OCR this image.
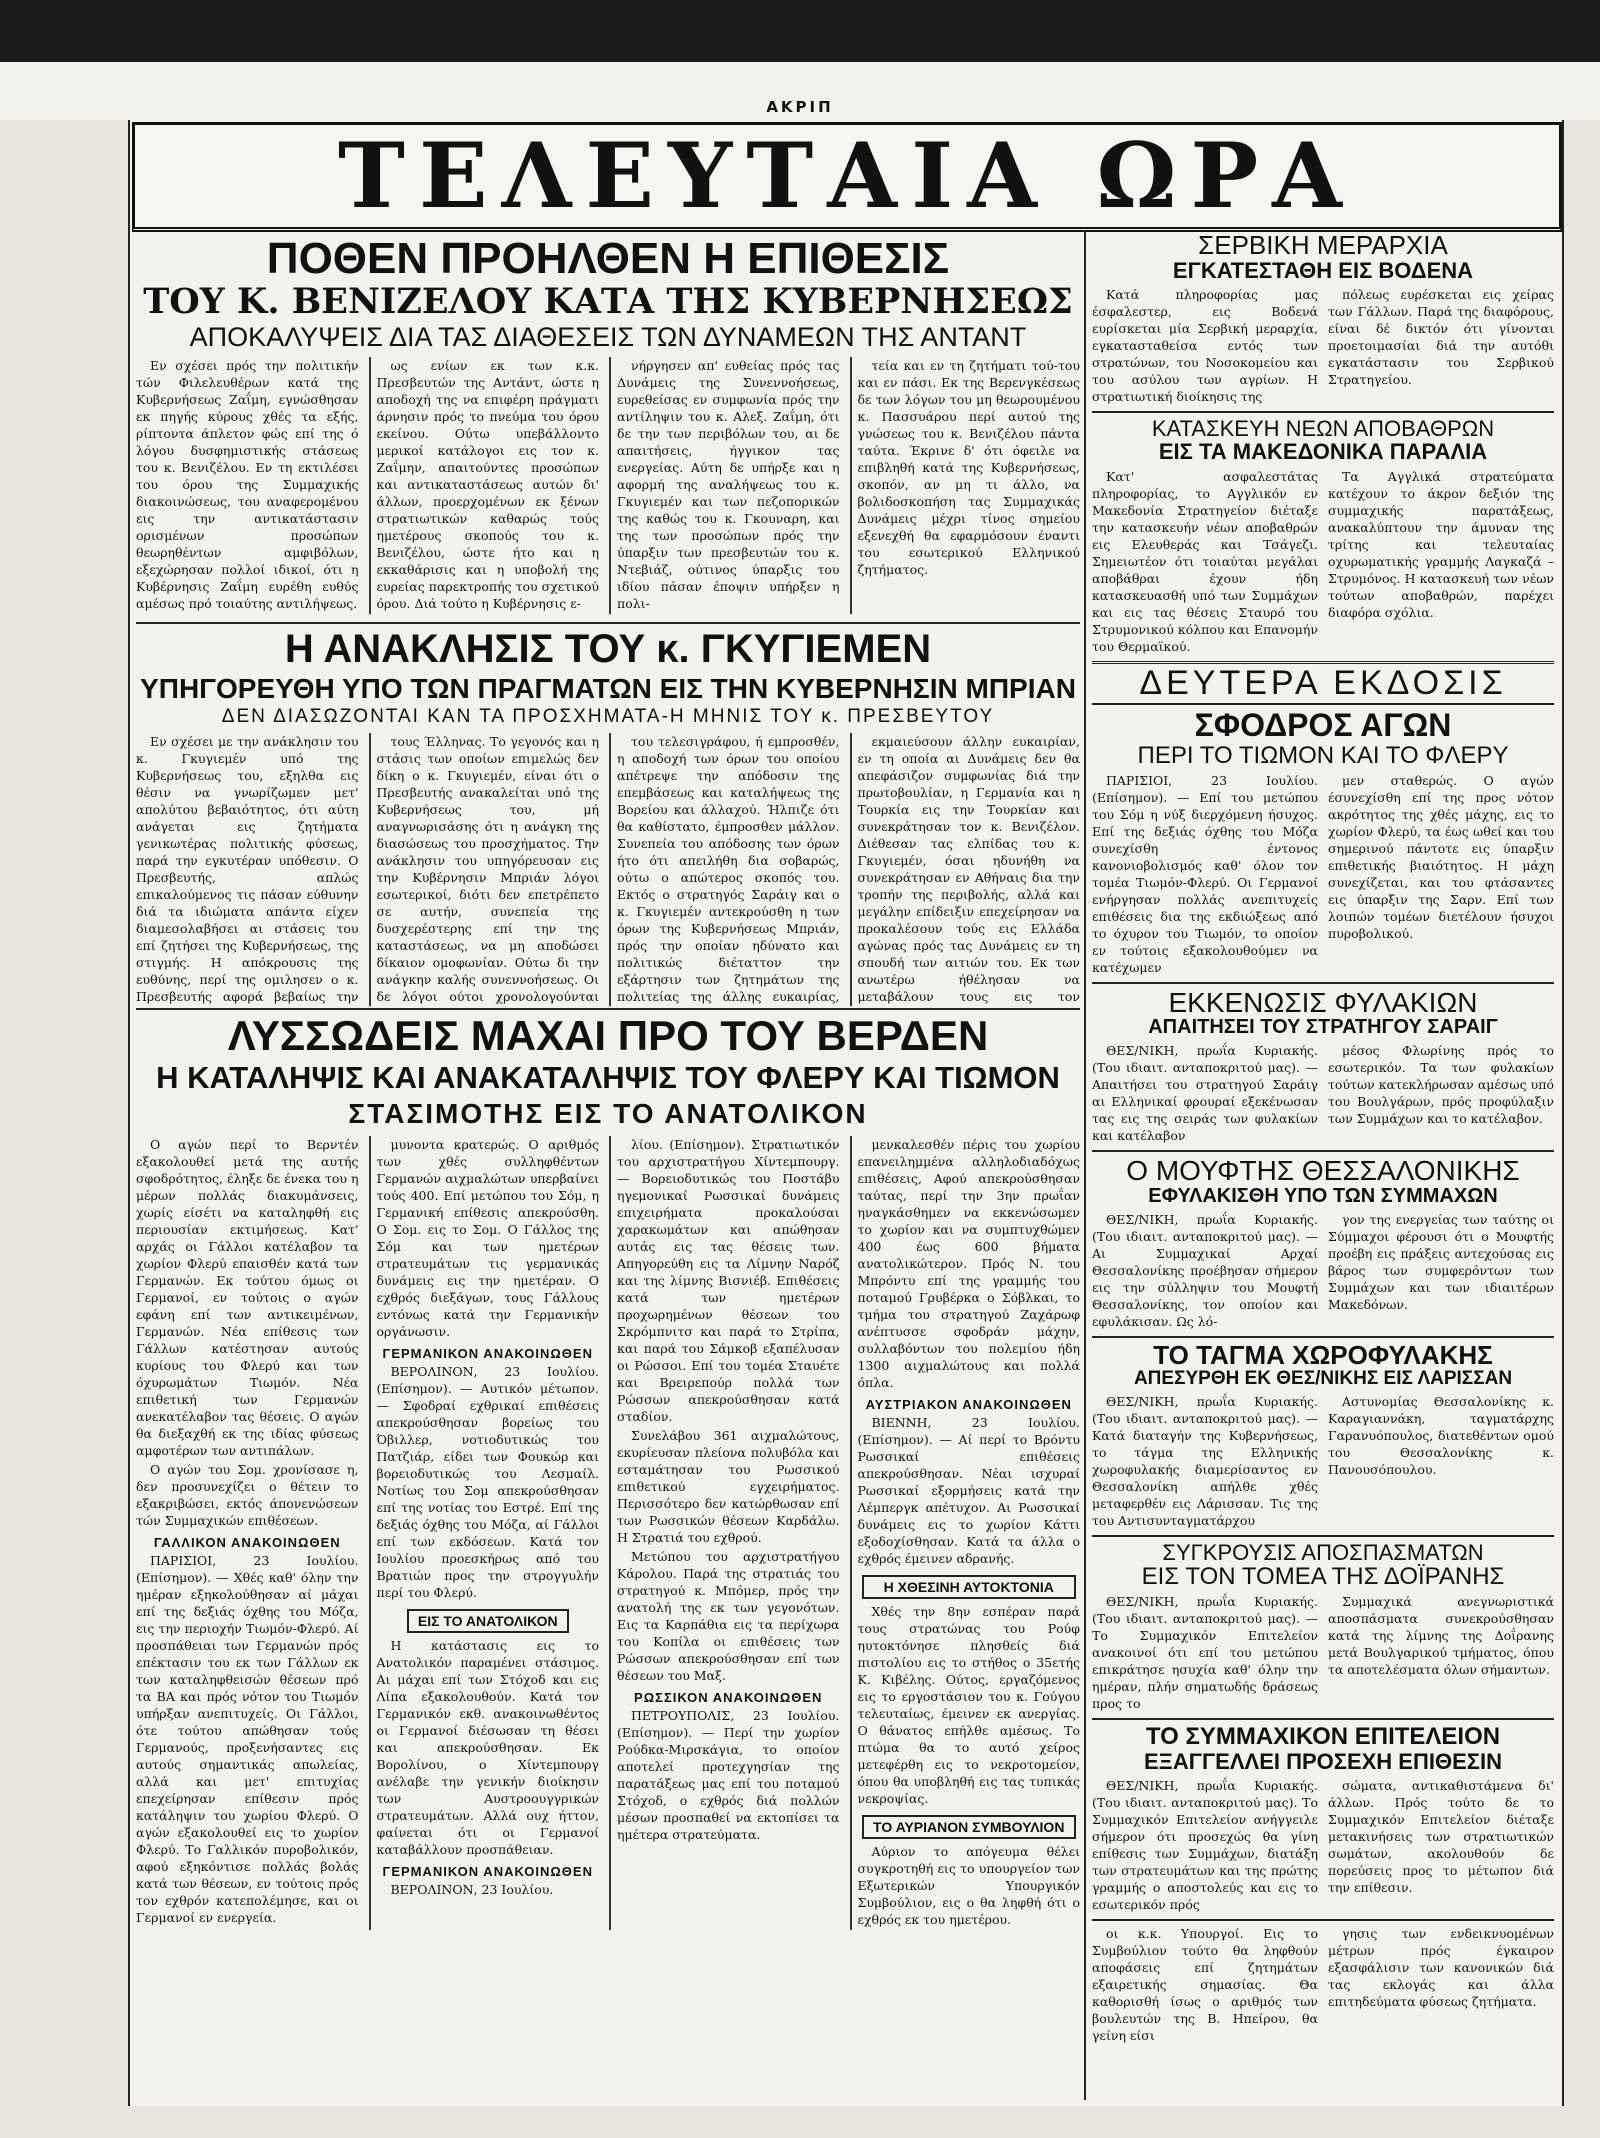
ΑΚΡΙΠ
ΤΕΛΕΥΤΑΙΑ ΩΡΑ
ΠΟΘΕΝ ΠΡΟΗΛΘΕΝ Η ΕΠΙΘΕΣΙΣ
ΤΟΥ Κ. ΒΕΝΙΖΕΛΟΥ ΚΑΤΑ ΤΗΣ ΚΥΒΕΡΝΗΣΕΩΣ
ΑΠΟΚΑΛΥΨΕΙΣ ΔΙΑ ΤΑΣ ΔΙΑΘΕΣΕΙΣ ΤΩΝ ΔΥΝΑΜΕΩΝ ΤΗΣ ΑΝΤΑΝΤ

Εν σχέσει πρός την πολιτικήν τών Φιλελευθέρων κατά της Κυβερνήσεως Ζαΐμη, εγνώσθησαν εκ πηγής κύρους χθές τα εξής, ρίπτοντα άπλετον φώς επί της ό λόγου δυσφημιστικής στάσεως του κ. Βενιζέλου. Εν τη εκτιλέσει του όρου της Συμμαχικής διακοινώσεως, του αναφερομένου εις την αντικατάστασιν ορισμένων προσώπων θεωρηθέντων αμφιβόλων, εξεχώρησαν πολλοί ιδικοί, ότι η Κυβέρνησις Ζαΐμη ευρέθη ευθύς αμέσως πρό τοιαύτης αντιλήψεως.

ως ενίων εκ των κ.κ. Πρεσβευτών της Αντάντ, ώστε η αποδοχή της να επιφέρη πράγματι άρνησιν πρός το πνεύμα του όρου εκείνου. Ούτω υπεβάλλοντο μερικοί κατάλογοι εις τον κ. Ζαΐμην, απαιτούντες προσώπων και αντικαταστάσεως αυτών δι' άλλων, προερχομένων εκ ξένων στρατιωτικών καθαρώς τούς ημετέρους σκοπούς του κ. Βενιζέλου, ώστε ήτο και η εκκαθάρισις και η υποβολή της ευρείας παρεκτροπής του σχετικού όρου. Διά τούτο η Κυβέρνησις ε-

νήργησεν απ' ευθείας πρός τας Δυνάμεις της Συνεννοήσεως, ευρεθείσας εν συμφωνία πρός την αντίληψιν του κ. Αλεξ. Ζαΐμη, ότι δε την των περιβόλων του, αι δε απαιτήσεις, ήγγικον τας ενεργείας. Αύτη δε υπήρξε και η αφορμή της αναλήψεως του κ. Γκυγιεμέν και των πεζοπορικών της καθώς του κ. Γκουναρη, και της των προσώπων πρός την ύπαρξιν των πρεσβευτών του κ. Ντεβιάζ, ούτινος ύπαρξις του ιδίου πάσαν έποψιν υπήρξεν η πολι-

τεία και εν τη ζητήματι τού-του και εν πάσι. Εκ της Βερενγκέσεως δε των λόγων του μη θεωρουμένου κ. Πασσυάρου περί αυτού της γνώσεως του κ. Βενιζέλου πάντα ταύτα. Έκρινε δ' ότι όφειλε να επιβληθή κατά της Κυβερνήσεως, σκοπόν, αν μη τι άλλο, να βολιδοσκοπήση τας Συμμαχικάς Δυνάμεις μέχρι τίνος σημείου εξενεχθή θα εφαρμόσουν έναντι του εσωτερικού Ελληνικού ζητήματος.

Η ΑΝΑΚΛΗΣΙΣ ΤΟΥ κ. ΓΚΥΓΙΕΜΕΝ
ΥΠΗΓΟΡΕΥΘΗ ΥΠΟ ΤΩΝ ΠΡΑΓΜΑΤΩΝ ΕΙΣ ΤΗΝ ΚΥΒΕΡΝΗΣΙΝ ΜΠΡΙΑΝ
ΔΕΝ ΔΙΑΣΩΖΟΝΤΑΙ ΚΑΝ ΤΑ ΠΡΟΣΧΗΜΑΤΑ-Η ΜΗΝΙΣ ΤΟΥ κ. ΠΡΕΣΒΕΥΤΟΥ

Εν σχέσει με την ανάκλησιν του κ. Γκυγιεμέν υπό της Κυβερνήσεως του, εξηλθα εις θέσιν να γνωρίζωμεν μετ' απολύτου βεβαιότητος, ότι αύτη ανάγεται εις ζητήματα γενικωτέρας πολιτικής φύσεως, παρά την εγκυτέραν υπόθεσιν. Ο Πρεσβευτής, απλώς επικαλούμενος τις πάσαν εύθυνην διά τα ιδιώματα απάντα είχεν διαμεσολαβήσει αι στάσεις του επί ζητήσει της Κυβερνήσεως, της στιγμής. Η απόκρουσις της ευθύνης, περί της ομιλησεν ο κ. Πρεσβευτής αφορά βεβαίως την

τους Έλληνας. Το γεγονός και η στάσις των οποίων επιμελώς δεν δίκη ο κ. Γκυγιεμέν, είναι ότι ο Πρεσβευτής ανακαλείται υπό της Κυβερνήσεως του, μή αναγνωρισάσης ότι η ανάγκη της διασώσεως του προσχήματος. Την ανάκλησιν του υπηγόρευσαν εις την Κυβέρνησιν Μπριάν λόγοι εσωτερικοί, διότι δεν επετρέπετο σε αυτήν, συνεπεία της δυσχερέστερης επί την της καταστάσεως, να μη αποδώσει δίκαιον ομοφωνίαν. Ούτω δι την ανάγκην καλής συνεννοήσεως. Οι δε λόγοι ούτοι χρονολογούνται

του τελεσιγράφου, ή εμπροσθέν, η αποδοχή των όρων του οποίου απέτρεψε την απόδοσιν της επεμβάσεως και καταλήψεως της Βορείου και άλλαχού. Ήλπιζε ότι θα καθίστατο, έμπροσθεν μάλλον. Συνεπεία του απόδοσης των όρων ήτο ότι απειλήθη δια σοβαρώς, ούτω ο απώτερος σκοπός του. Εκτός ο στρατηγός Σαράιγ και ο κ. Γκυγιεμέν αντεκρούσθη η των όρων της Κυβερνήσεως Μπριάν, πρός την οποίαν ηδύνατο και πολιτικώς διέταττον την εξάρτησιν των ζητημάτων της πολιτείας της άλλης ευκαιρίας,

εκμαιεύσουν άλλην ευκαιρίαν, εν τη οποία αι Δυνάμεις δεν θα απεφάσιζον συμφωνίας διά την πρωτοβουλίαν, η Γερμανία και η Τουρκία εις την Τουρκίαν και συνεκράτησαν τον κ. Βενιζέλον. Διέθεσαν τας ελπίδας του κ. Γκυγιεμέν, όσαι ηδυνήθη να συνεκράτησαν εν Αθήναις δια την τροπήν της περιβολής, αλλά και μεγάλην επίδειξιν επεχείρησαν να προκαλέσουν τούς εις Ελλάδα αγώνας πρός τας Δυνάμεις εν τη σπουδή των αιτιών του. Εκ των ανωτέρω ήθέλησαν να μεταβάλουν τους εις τον

ΛΥΣΣΩΔΕΙΣ ΜΑΧΑΙ ΠΡΟ ΤΟΥ ΒΕΡΔΕΝ
Η ΚΑΤΑΛΗΨΙΣ ΚΑΙ ΑΝΑΚΑΤΑΛΗΨΙΣ ΤΟΥ ΦΛΕΡΥ ΚΑΙ ΤΙΩΜΟΝ
ΣΤΑΣΙΜΟΤΗΣ ΕΙΣ ΤΟ ΑΝΑΤΟΛΙΚΟΝ

Ο αγών περί το Βερντέν εξακολουθεί μετά της αυτής σφοδρότητος, έληξε δε ένεκα του η μέρων πολλάς διακυμάνσεις, χωρίς είσέτι να καταληφθή εις περιουσίαν εκτιμήσεως. Κατ' αρχάς οι Γάλλοι κατέλαβον τα χωρίον Φλερύ επαισθέν κατά των Γερμανών. Εκ τούτου όμως οι Γερμανοί, εν τούτοις ο αγών εφάνη επί των αντικειμένων, Γερμανών. Νέα επίθεσις των Γάλλων κατέστησαν αυτούς κυρίους του Φλερύ και των όχυρωμάτων Τιωμόν. Νέα επιθετική των Γερμανών ανεκατέλαβον τας θέσεις. Ο αγών θα διεξαχθή εκ της ιδίας φύσεως αμφοτέρων των αντιπάλων.

Ο αγών του Σομ. χρονίσασε η, δεν προσυνεχίζει ο θέτειν το εξακριβώσει, εκτός άπονενώσεων τών Συμμαχικών επιθέσεων.

ΓΑΛΛΙΚΟΝ ΑΝΑΚΟΙΝΩΘΕΝ

ΠΑΡΙΣΙΟΙ, 23 Ιουλίου. (Επίσημον). — Χθές καθ' όλην την ημέραν εξηκολούθησαν αί μάχαι επί της δεξιάς όχθης του Μόζα, εις την περιοχήν Τιωμόν-Φλερύ. Αί προσπάθειαι των Γερμανών πρός επέκτασιν του εκ των Γάλλων εκ των καταληφθεισών θέσεων πρό τα ΒΑ και πρός νότον του Τιωμόν υπήρξαν ανεπιτυχείς. Οι Γάλλοι, ότε τούτου απώθησαν τούς Γερμανούς, προξενήσαντες εις αυτούς σημαντικάς απωλείας, αλλά και μετ' επιτυχίας επεχείρησαν επίθεσιν πρός κατάληψιν του χωρίου Φλερύ. Ο αγών εξακολουθεί εις το χωρίον Φλερύ. Το Γαλλικόν πυροβολικόν, αφού εξηκόντισε πολλάς βολάς κατά των θέσεων, εν τούτοις πρός τον εχθρόν κατεπολέμησε, και οι Γερμανοί εν ενεργεία.

μυνοντα κρατερώς. Ο αριθμός των χθές συλληφθέντων Γερμανών αιχμαλώτων υπερβαίνει τούς 400. Επί μετώπου του Σόμ, η Γερμανική επίθεσις απεκρούσθη. Ο Σομ. εις το Σομ. Ο Γάλλος της Σόμ και των ημετέρων στρατευμάτων τις γερμανικάς δυνάμεις εις την ημετέραν. Ο εχθρός διεξάγων, τους Γάλλους εντόνως κατά την Γερμανικήν οργάνωσιν.

ΓΕΡΜΑΝΙΚΟΝ ΑΝΑΚΟΙΝΩΘΕΝ

ΒΕΡΟΛΙΝΟΝ, 23 Ιουλίου. (Επίσημον). — Αυτικόν μέτωπον. — Σφοδραί εχθρικαί επιθέσεις απεκρούσθησαν βορείως του Όβιλλερ, νοτιοδυτικώς του Πατζιάρ, είδει των Φουκώρ και βορειοδυτικώς του Λεσμαίλ. Νοτίως του Σομ απεκρούσθησαν επί της νοτίας του Εστρέ. Επί της δεξιάς όχθης του Μόζα, αί Γάλλοι επί των εκδόσεων. Κατά τον Ιουλίου προεσκήρως από του Βρατιών προς την στρογγυλήν περί του Φλερύ.

ΕΙΣ ΤΟ ΑΝΑΤΟΛΙΚΟΝ

Η κατάστασις εις το Ανατολικόν παραμένει στάσιμος. Αι μάχαι επί των Στόχοδ και εις Λίπα εξακολουθούν. Κατά τον Γερμανικόν εκθ. ανακοινωθέντος οι Γερμανοί διέσωσαν τη θέσει και απεκρούσθησαν. Εκ Βορολίνου, ο Χίντεμπουργ ανέλαβε την γενικήν διοίκησιν των Αυστροουγγρικών στρατευμάτων. Αλλά ουχ ήττον, φαίνεται ότι οι Γερμανοί καταβάλλουν προσπάθειαν.

ΓΕΡΜΑΝΙΚΟΝ ΑΝΑΚΟΙΝΩΘΕΝ

ΒΕΡΟΛΙΝΟΝ, 23 Ιουλίου.

λίου. (Επίσημον). Στρατιωτικόν του αρχιστρατήγου Χίντεμπουργ. — Βορειοδυτικώς του Ποστάβυ ηγεμονικαί Ρωσσικαί δυνάμεις επιχειρήματα προκαλούσαι χαρακωμάτων και απώθησαν αυτάς εις τας θέσεις των. Απηγορεύθη εις τα Λίμνην Ναρόζ και της λίμνης Βισνιέβ. Επιθέσεις κατά των ημετέρων προχωρημένων θέσεων του Σκρόμπνιτσ και παρά το Στρίπα, και παρά του Σάμκοβ εξαπέλυσαν οι Ρώσσοι. Επί του τομέα Σταυέτε και Βρειρεπούρ πολλά των Ρώσσων απεκρούσθησαν κατά σταδίον.

Συνελάβου 361 αιχμαλώτους, εκυρίευσαν πλείονα πολυβόλα και εσταμάτησαν του Ρωσσικού επιθετικού εγχειρήματος. Περισσότερο δεν κατώρθωσαν επί των Ρωσσικών θέσεων Καρδάλω. Η Στρατιά του εχθρού.

Μετώπου του αρχιστρατήγου Κάρολου. Παρά της στρατιάς του στρατηγού κ. Μπόμερ, πρός την ανατολή της εκ των γεγονότων. Εις τα Καρπάθια εις τα περίχωρα του Κοπίλα οι επιθέσεις των Ρώσσων απεκρούσθησαν επί των θέσεων του Μαξ.

ΡΩΣΣΙΚΟΝ ΑΝΑΚΟΙΝΩΘΕΝ

ΠΕΤΡΟΥΠΟΛΙΣ, 23 Ιουλίου. (Επίσημον). — Περί την χωρίον Ρούδκα-Μιρσκάγια, το οποίον αποτελεί προτεχγησίαν της παρατάξεως μας επί του ποταμού Στόχοδ, ο εχθρός διά πολλών μέσων προσπαθεί να εκτοπίσει τα ημέτερα στρατεύματα.

μενκαλεσθέν πέρις του χωρίου επανειλημμένα αλληλοδιαδόχως επιθέσεις, Αφού απεκρούσθησαν ταύτας, περί την 3ην πρωΐαν ηναγκάσθημεν να εκκενώσωμεν το χωρίον και να συμπτυχθώμεν 400 έως 600 βήματα ανατολικώτερον. Πρός Ν. του Μπρόντυ επί της γραμμής του ποταμού Γρυβέρκα ο Σόβλκαι, το τμήμα του στρατηγού Ζαχάρωφ ανέπτυσσε σφοδράν μάχην, συλλαβόντων του πολεμίου ήδη 1300 αιχμαλώτους και πολλά όπλα.

ΑΥΣΤΡΙΑΚΟΝ ΑΝΑΚΟΙΝΩΘΕΝ

ΒΙΕΝΝΗ, 23 Ιουλίου. (Επίσημον). — Αί περί το Βρόντυ Ρωσσικαί επιθέσεις απεκρούσθησαν. Νέαι ισχυραί Ρωσσικαί εξορμήσεις κατά την Λέμπεργκ απέτυχον. Αι Ρωσσικαί δυνάμεις εις το χωρίον Κάττι εξοδοχίσθησαν. Κατά τα άλλα ο εχθρός έμεινεν αδρανής.

Η ΧΘΕΣΙΝΗ ΑΥΤΟΚΤΟΝΙΑ

Χθές την 8ην εσπέραν παρά τους στρατώνας του Ρούφ ηυτοκτόνησε πλησθείς διά πιστολίου εις το στήθος ο 35ετής Κ. Κιβέλης. Ούτος, εργαζόμενος εις το εργοστάσιον του κ. Γούγου τελευταίως, έμεινεν εκ ανεργίας. Ο θάνατος επήλθε αμέσως. Το πτώμα θα το αυτό χείρος μετεφέρθη εις το νεκροτομείον, όπου θα υποβληθή εις τας τυπικάς νεκροψίας.

ΤΟ ΑΥΡΙΑΝΟΝ ΣΥΜΒΟΥΛΙΟΝ

Αύριον το απόγευμα θέλει συγκροτηθή εις το υπουργείον των Εξωτερικών Υπουργικόν Συμβούλιον, εις ο θα ληφθή ότι ο εχθρός εκ του ημετέρου.

ΣΕΡΒΙΚΗ ΜΕΡΑΡΧΙΑ
ΕΓΚΑΤΕΣΤΑΘΗ ΕΙΣ ΒΟΔΕΝΑ

Κατά πληροφορίας μας έσφαλεστερ, εις Βοδενά ευρίσκεται μία Σερβική μεραρχία, εγκατασταθείσα εντός των στρατώνων, του Νοσοκομείου και του ασύλου των αγρίων. Η στρατιωτική διοίκησις της

πόλεως ευρέσκεται εις χείρας των Γάλλων. Παρά της διαφόρους, είναι δέ δικτόν ότι γίνονται προετοιμασίαι διά την αυτόθι εγκατάστασιν του Σερβικού Στρατηγείου.

ΚΑΤΑΣΚΕΥΗ ΝΕΩΝ ΑΠΟΒΑΘΡΩΝ
ΕΙΣ ΤΑ ΜΑΚΕΔΟΝΙΚΑ ΠΑΡΑΛΙΑ

Κατ' ασφαλεστάτας πληροφορίας, το Αγγλικόν εν Μακεδονία Στρατηγείον διέταξε την κατασκευήν νέων αποβαθρών εις Ελευθεράς και Τσάγεζι. Σημειωτέον ότι τοιαύται μεγάλαι αποβάθραι έχουν ήδη κατασκευασθή υπό των Συμμάχων και εις τας θέσεις Σταυρό του Στρυμονικού κόλπου και Επανομήν του Θερμαϊκού.

Τα Αγγλικά στρατεύματα κατέχουν το άκρον δεξιόν της συμμαχικής παρατάξεως, ανακαλύπτουν την άμυναν της τρίτης και τελευταίας οχυρωματικής γραμμής Λαγκαζά – Στρυμόνος. Η κατασκευή των νέων τούτων αποβαθρών, παρέχει διαφόρα σχόλια.

ΔΕΥΤΕΡΑ ΕΚΔΟΣΙΣ
ΣΦΟΔΡΟΣ ΑΓΩΝ
ΠΕΡΙ ΤΟ ΤΙΩΜΟΝ ΚΑΙ ΤΟ ΦΛΕΡΥ

ΠΑΡΙΣΙΟΙ, 23 Ιουλίου. (Επίσημον). — Επί του μετώπου του Σόμ η νύξ διερχόμενη ήσυχος. Επί της δεξιάς όχθης του Μόζα συνεχίσθη έντονος κανονιοβολισμός καθ' όλον τον τομέα Τιωμόν-Φλερύ. Οι Γερμανοί ενήργησαν πολλάς ανεπιτυχείς επιθέσεις δια της εκδιώξεως από το όχυρον του Τιωμόν, το οποίον εν τούτοις εξακολουθούμεν να κατέχωμεν

μεν σταθερώς. Ο αγών έσυνεχίσθη επί της προς νότον ακρότητος της χθές μάχης, εις το χωρίον Φλερύ, τα έως ωθεί και του σημερινού πάντοτε εις ύπαρξιν επιθετικής βιαιότητος. Η μάχη συνεχίζεται, και του φτάσαντες εις ύπαρξιν της Σαρν. Επί των λοιπών τομέων διετέλουν ήσυχοι πυροβολικού.

ΕΚΚΕΝΩΣΙΣ ΦΥΛΑΚΙΩΝ
ΑΠΑΙΤΗΣΕΙ ΤΟΥ ΣΤΡΑΤΗΓΟΥ ΣΑΡΑΙΓ

ΘΕΣ/ΝΙΚΗ, πρωΐα Κυριακής. (Του ιδιαιτ. ανταποκριτού μας). — Απαιτήσει του στρατηγού Σαράιγ αι Ελληνικαί φρουραί εξεκένωσαν τας εις της σειράς των φυλακίων και κατέλαβον

μέσος Φλωρίνης πρός το εσωτερικόν. Τα των φυλακίων τούτων κατεκλήρωσαν αμέσως υπό του Βουλγάρων, πρός προφύλαξιν των Συμμάχων και το κατέλαβον.

Ο ΜΟΥΦΤΗΣ ΘΕΣΣΑΛΟΝΙΚΗΣ
ΕΦΥΛΑΚΙΣΘΗ ΥΠΟ ΤΩΝ ΣΥΜΜΑΧΩΝ

ΘΕΣ/ΝΙΚΗ, πρωΐα Κυριακής. (Του ιδιαιτ. ανταποκριτού μας). — Αι Συμμαχικαί Αρχαί Θεσσαλονίκης προέβησαν σήμερον εις την σύλληψιν του Μουφτή Θεσσαλονίκης, τον οποίον και εφυλάκισαν. Ως λό-

γον της ενεργείας των ταύτης οι Σύμμαχοι φέρουσι ότι ο Μουφτής προέβη εις πράξεις αντεχούσας εις βάρος των συμφερόντων των Συμμάχων και των ιδιαιτέρων Μακεδόνων.

ΤΟ ΤΑΓΜΑ ΧΩΡΟΦΥΛΑΚΗΣ
ΑΠΕΣΥΡΘΗ ΕΚ ΘΕΣ/ΝΙΚΗΣ ΕΙΣ ΛΑΡΙΣΣΑΝ

ΘΕΣ/ΝΙΚΗ, πρωΐα Κυριακής. (Του ιδιαιτ. ανταποκριτού μας). — Κατά διαταγήν της Κυβερνήσεως, το τάγμα της Ελληνικής χωροφυλακής διαμερίσαντος εν Θεσσαλονίκη απήλθε χθές μεταφερθέν εις Λάρισσαν. Τις της του Αντισυνταγματάρχου

Αστυνομίας Θεσσαλονίκης κ. Καραγιαννάκη, ταγματάρχης Γαρανυόπουλος, διατεθέντων ομού του Θεσσαλονίκης κ. Πανουσόπουλου.

ΣΥΓΚΡΟΥΣΙΣ ΑΠΟΣΠΑΣΜΑΤΩΝ
ΕΙΣ ΤΟΝ ΤΟΜΕΑ ΤΗΣ ΔΟΪΡΑΝΗΣ

ΘΕΣ/ΝΙΚΗ, πρωΐα Κυριακής. (Του ιδιαιτ. ανταποκριτού μας). — Το Συμμαχικόν Επιτελείον ανακοινοί ότι επί του μετώπου επικράτησε ησυχία καθ' όλην την ημέραν, πλήν σηματωδής δράσεως προς το

Συμμαχικά ανεγνωριστικά αποσπάσματα συνεκρούσθησαν κατά της λίμνης της Δοΐρανης μετά Βουλγαρικού τμήματος, όπου τα αποτελέσματα όλων σήμαντων.

ΤΟ ΣΥΜΜΑΧΙΚΟΝ ΕΠΙΤΕΛΕΙΟΝ
ΕΞΑΓΓΕΛΛΕΙ ΠΡΟΣΕΧΗ ΕΠΙΘΕΣΙΝ

ΘΕΣ/ΝΙΚΗ, πρωΐα Κυριακής. (Του ιδιαιτ. ανταποκριτού μας). Το Συμμαχικόν Επιτελείον ανήγγειλε σήμερον ότι προσεχώς θα γίνη επίθεσις των Συμμάχων, διατάξη των στρατευμάτων και της πρώτης γραμμής ο αποστολεύς και εις το εσωτερικόν πρός

σώματα, αντικαθιστάμενα δι' άλλων. Πρός τούτο δε το Συμμαχικόν Επιτελείον διέταξε μετακινήσεις των στρατιωτικών σωμάτων, ακολουθούν δε πορεύσεις προς το μέτωπον διά την επίθεσιν.

οι κ.κ. Υπουργοί. Εις το Συμβούλιον τούτο θα ληφθούν αποφάσεις επί ζητημάτων εξαιρετικής σημασίας. Θα καθορισθή ίσως ο αριθμός των βουλευτών της Β. Ηπείρου, θα γείνη είσι

γησις των ενδεικνυομένων μέτρων πρός έγκαιρον εξασφάλισιν των κανονικών διά τας εκλογάς και άλλα επιτηδεύματα φύσεως ζητήματα.
